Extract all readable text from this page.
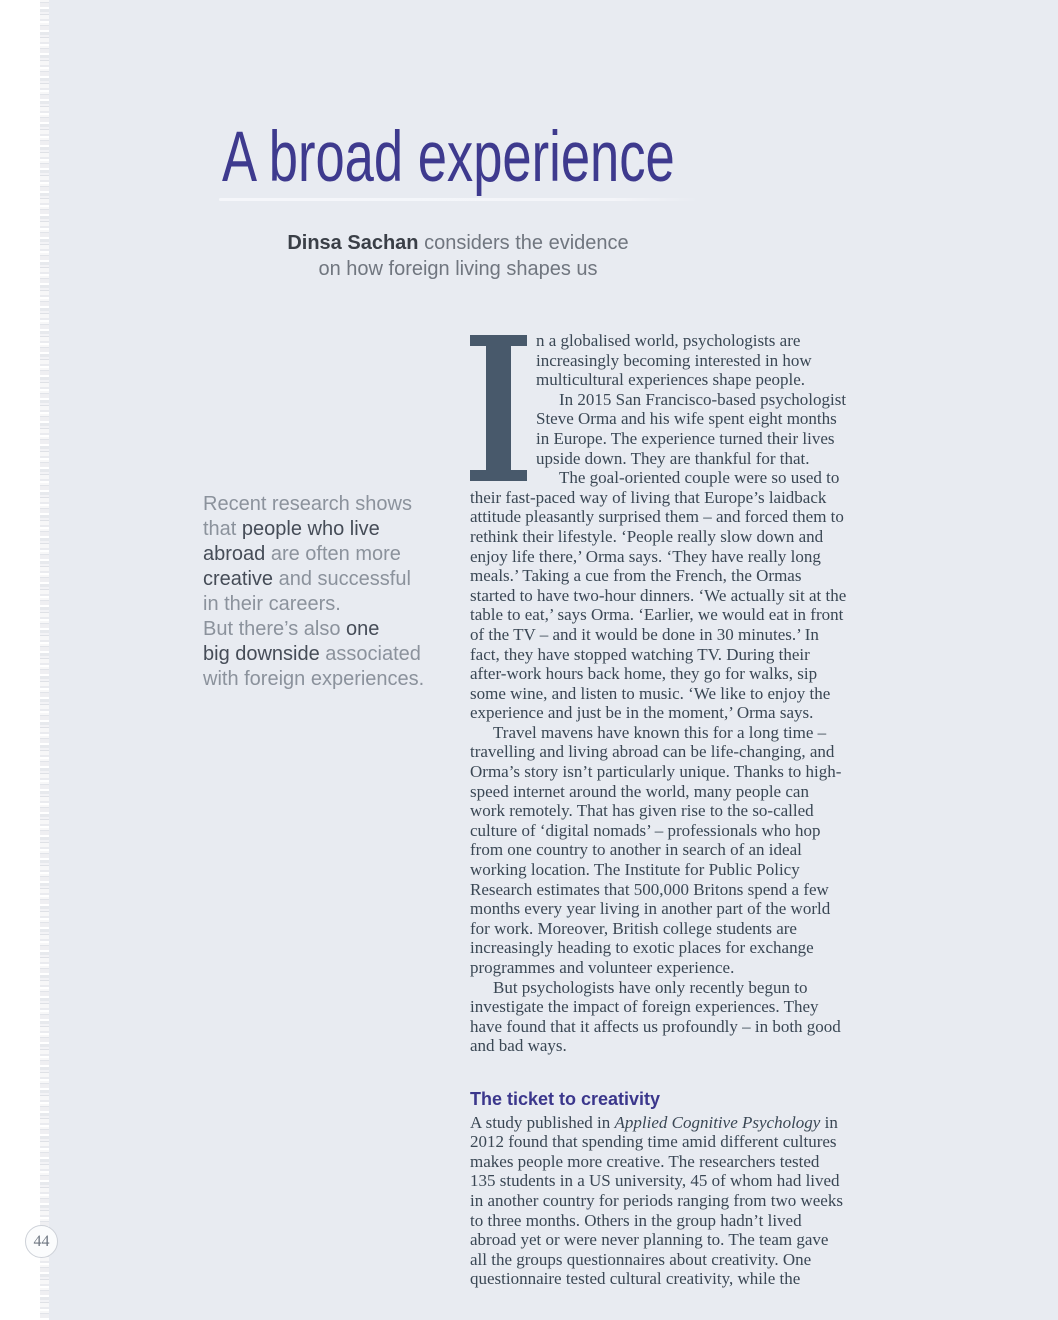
A broad experience
Dinsa Sachan considers the evidence
on how foreign living shapes us
Recent research shows
that people who live
abroad are often more
creative and successful
in their careers.
But there’s also one
big downside associated
with foreign experiences.

n a globalised world, psychologists are increasingly becoming interested in how multicultural experiences shape people.

In 2015 San Francisco-based psychologist Steve Orma and his wife spent eight months in Europe. The experience turned their lives upside down. They are thankful for that.

The goal-oriented couple were so used to their fast-paced way of living that Europe’s laidback attitude pleasantly surprised them – and forced them to rethink their lifestyle. ‘People really slow down and enjoy life there,’ Orma says. ‘They have really long meals.’ Taking a cue from the French, the Ormas started to have two-hour dinners. ‘We actually sit at the table to eat,’ says Orma. ‘Earlier, we would eat in front of the TV – and it would be done in 30 minutes.’ In fact, they have stopped watching TV. During their after-work hours back home, they go for walks, sip some wine, and listen to music. ‘We like to enjoy the experience and just be in the moment,’ Orma says.

Travel mavens have known this for a long time – travelling and living abroad can be life-changing, and Orma’s story isn’t particularly unique. Thanks to high-speed internet around the world, many people can work remotely. That has given rise to the so-called culture of ‘digital nomads’ – professionals who hop from one country to another in search of an ideal working location. The Institute for Public Policy Research estimates that 500,000 Britons spend a few months every year living in another part of the world for work. Moreover, British college students are increasingly heading to exotic places for exchange programmes and volunteer experience.

But psychologists have only recently begun to investigate the impact of foreign experiences. They have found that it affects us profoundly – in both good and bad ways.

The ticket to creativity

A study published in Applied Cognitive Psychology in 2012 found that spending time amid different cultures makes people more creative. The researchers tested 135 students in a US university, 45 of whom had lived in another country for periods ranging from two weeks to three months. Others in the group hadn’t lived abroad yet or were never planning to. The team gave all the groups questionnaires about creativity. One questionnaire tested cultural creativity, while the

44
